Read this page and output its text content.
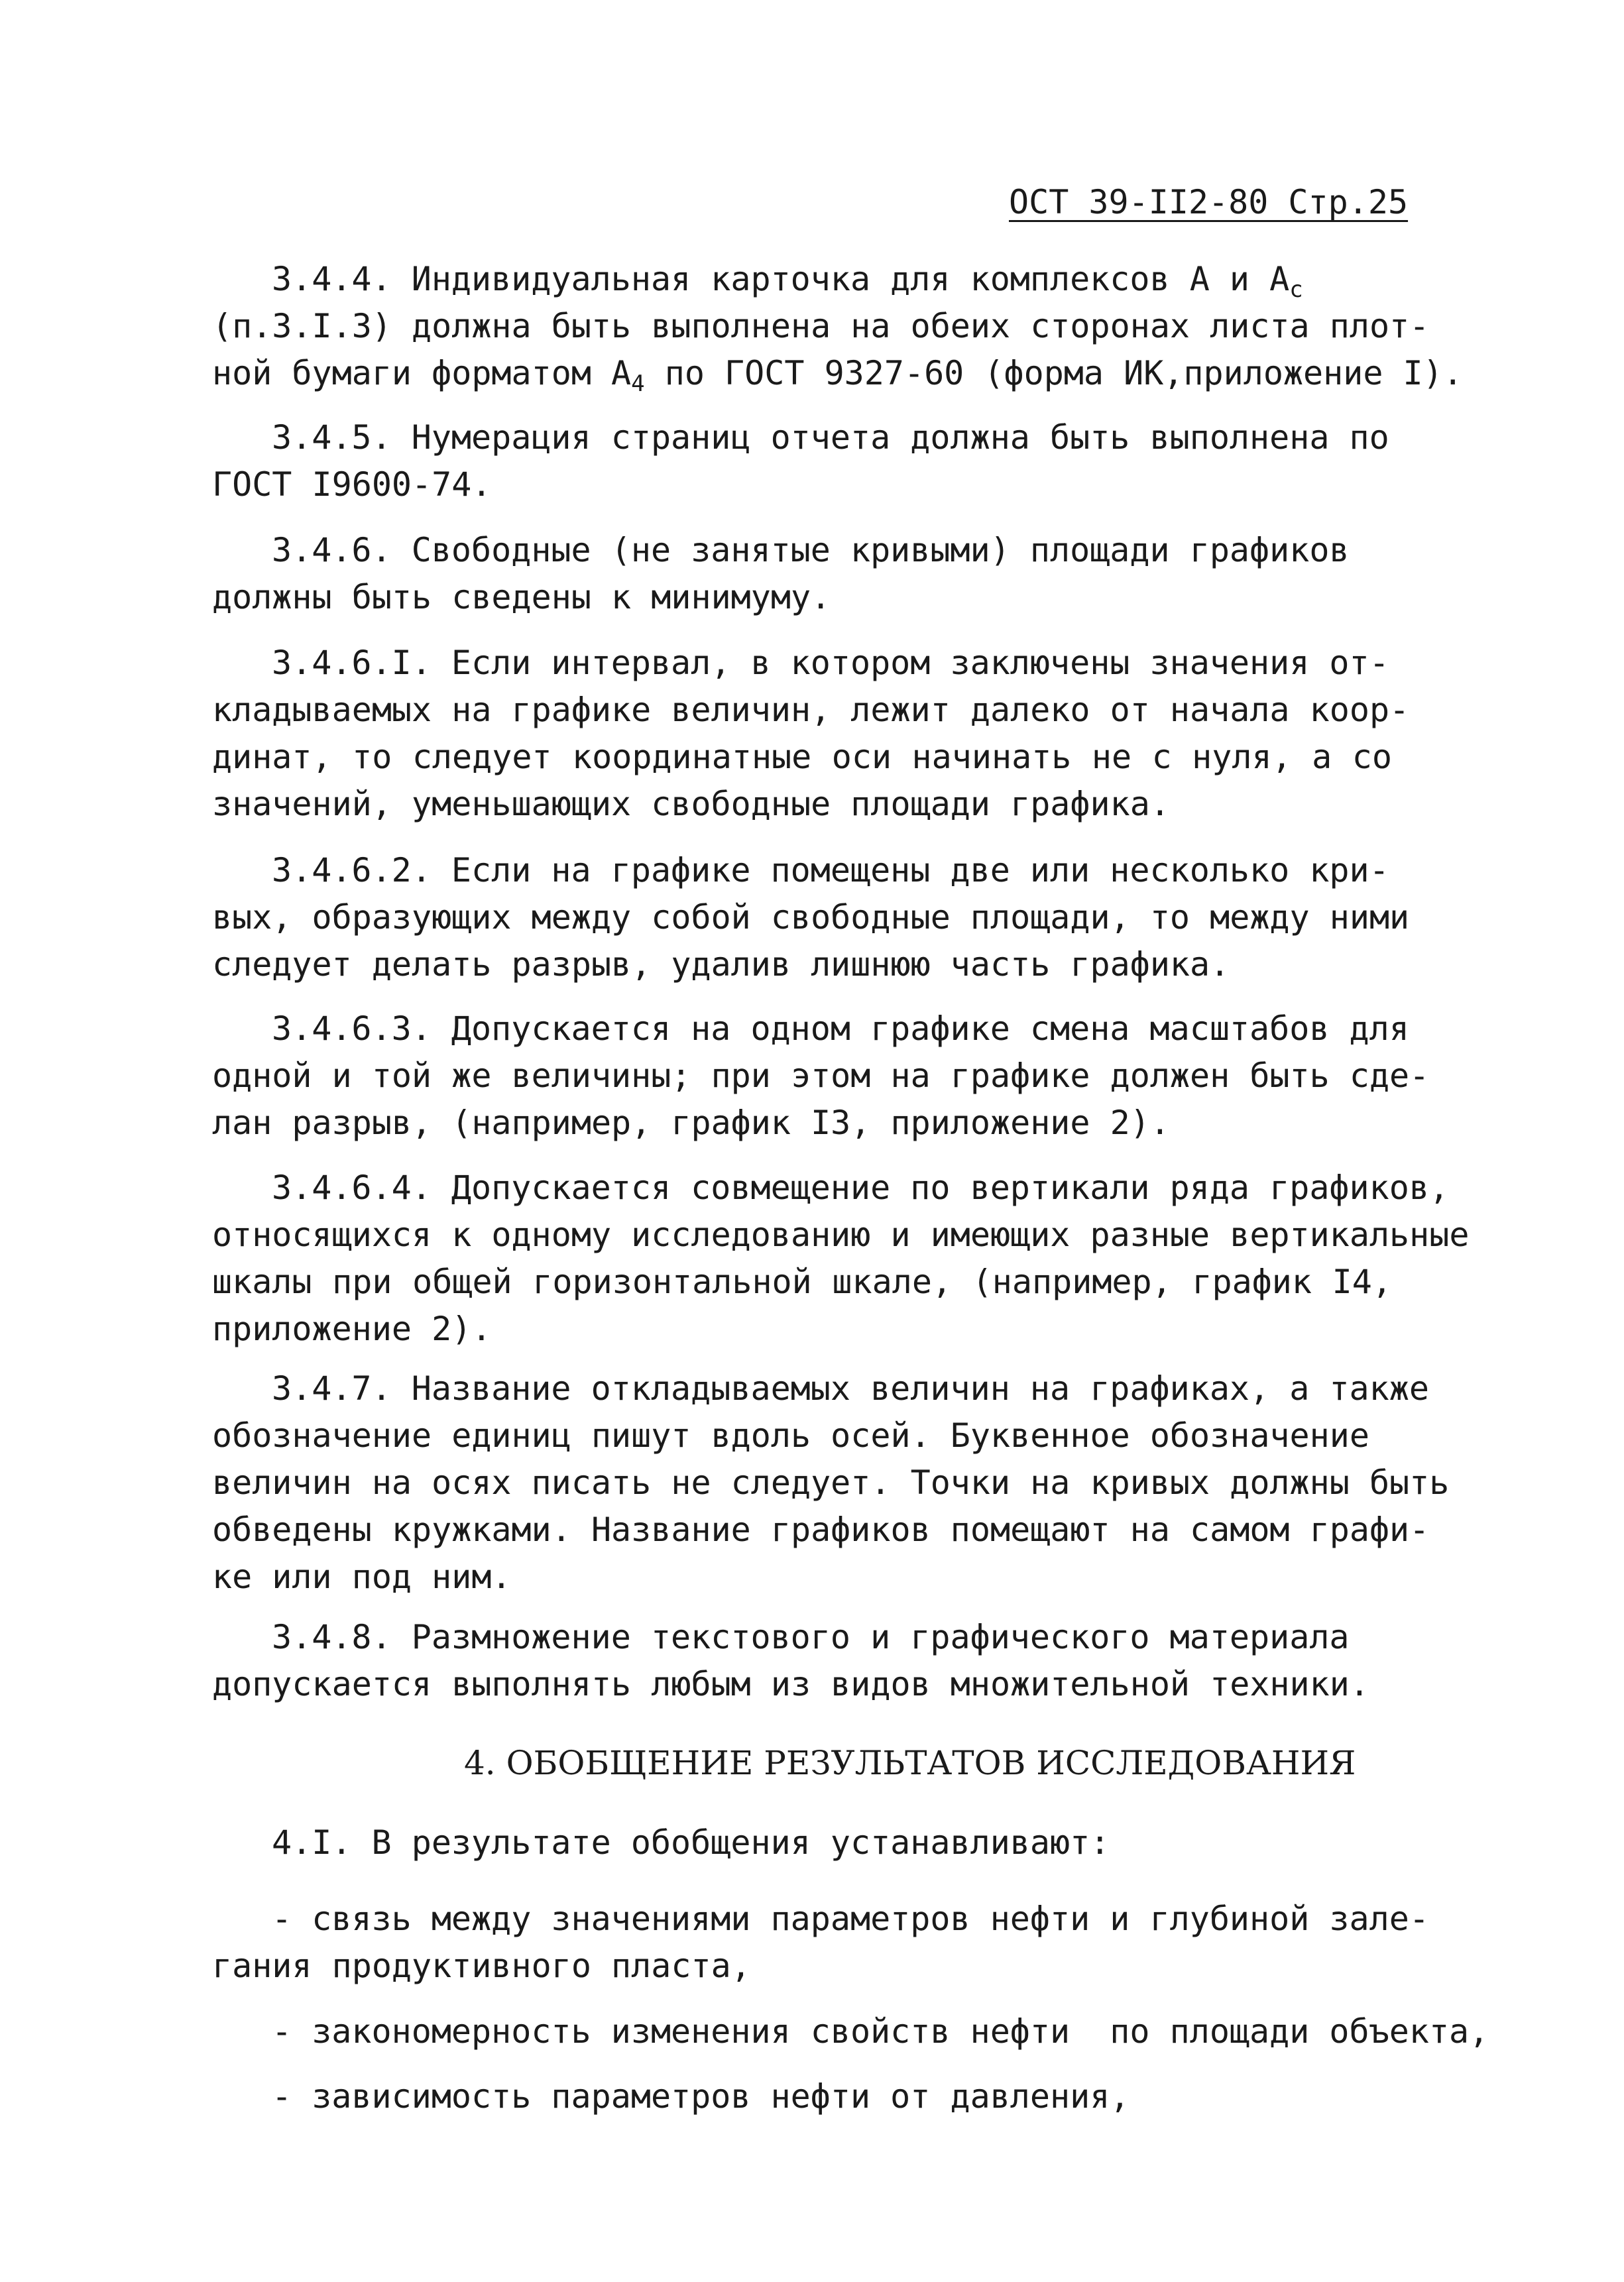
ОСТ 39-II2-80 Стр.25
3.4.4. Индивидуальная карточка для комплексов A и $A_c$
(п.3.I.3) должна быть выполнена на обеих сторонах листа плот-
ной бумаги форматом $A_4$ по ГОСТ 9327-60 (форма ИК,приложение I).
3.4.5. Нумерация страниц отчета должна быть выполнена по
ГОСТ I9600-74.
3.4.6. Свободные (не занятые кривыми) площади графиков
должны быть сведены к минимуму.
3.4.6.I. Если интервал, в котором заключены значения от-
кладываемых на графике величин, лежит далеко от начала коор-
динат, то следует координатные оси начинать не с нуля, а со
значений, уменьшающих свободные площади графика.
3.4.6.2. Если на графике помещены две или несколько кри-
вых, образующих между собой свободные площади, то между ними
следует делать разрыв, удалив лишнюю часть графика.
3.4.6.3. Допускается на одном графике смена масштабов для
одной и той же величины; при этом на графике должен быть сде-
лан разрыв, (например, график I3, приложение 2).
3.4.6.4. Допускается совмещение по вертикали ряда графиков,
относящихся к одному исследованию и имеющих разные вертикальные
шкалы при общей горизонтальной шкале, (например, график I4,
приложение 2).
3.4.7. Название откладываемых величин на графиках, а также
обозначение единиц пишут вдоль осей. Буквенное обозначение
величин на осях писать не следует. Точки на кривых должны быть
обведены кружками. Название графиков помещают на самом графи-
ке или под ним.
3.4.8. Размножение текстового и графического материала
допускается выполнять любым из видов множительной техники.
4. ОБОБЩЕНИЕ РЕЗУЛЬТАТОВ ИССЛЕДОВАНИЯ
4.I. В результате обобщения устанавливают:
- связь между значениями параметров нефти и глубиной зале-
гания продуктивного пласта,
- закономерность изменения свойств нефти  по площади объекта,
- зависимость параметров нефти от давления,
